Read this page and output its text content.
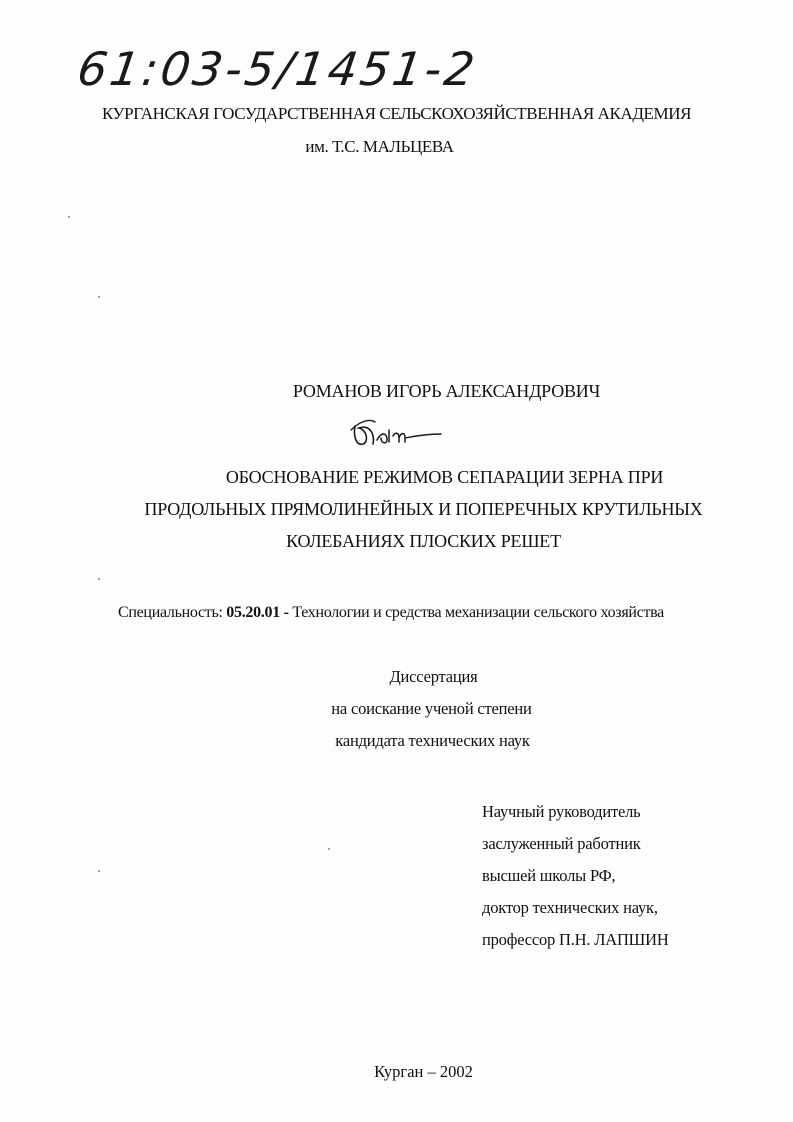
61:03-5/1451-2
КУРГАНСКАЯ ГОСУДАРСТВЕННАЯ СЕЛЬСКОХОЗЯЙСТВЕННАЯ АКАДЕМИЯ
им. Т.С. МАЛЬЦЕВА
РОМАНОВ ИГОРЬ АЛЕКСАНДРОВИЧ
ОБОСНОВАНИЕ РЕЖИМОВ СЕПАРАЦИИ ЗЕРНА ПРИ
ПРОДОЛЬНЫХ ПРЯМОЛИНЕЙНЫХ И ПОПЕРЕЧНЫХ КРУТИЛЬНЫХ
КОЛЕБАНИЯХ ПЛОСКИХ РЕШЕТ
Специальность: 05.20.01 - Технологии и средства механизации сельского хозяйства
Диссертация
на соискание ученой степени
кандидата технических наук
Научный руководитель
заслуженный работник
высшей школы РФ,
доктор технических наук,
профессор П.Н. ЛАПШИН
Курган – 2002
